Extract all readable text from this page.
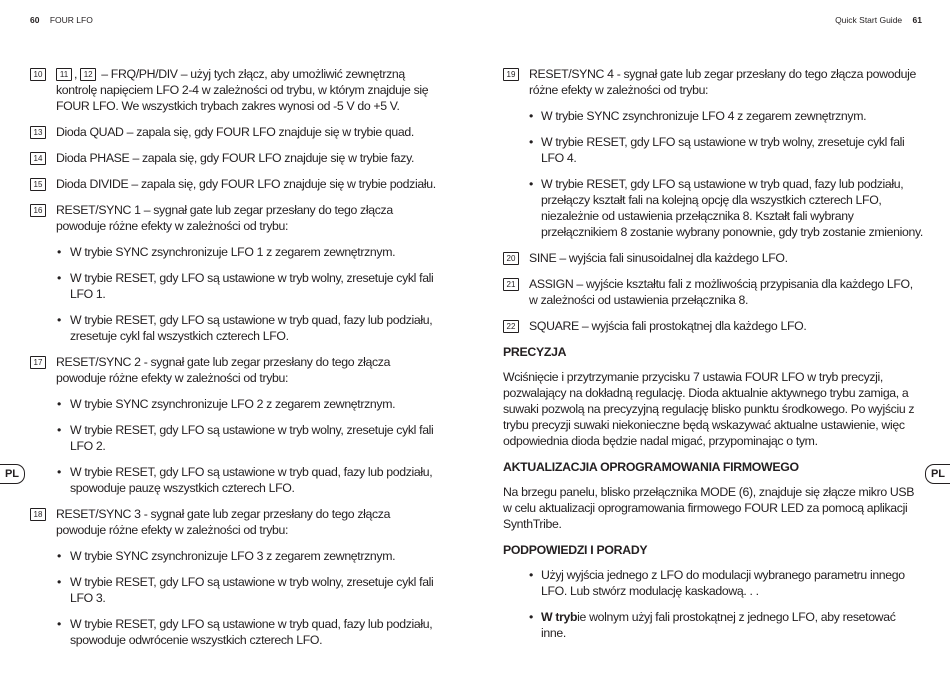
60 FOUR LFO
10	11 , 12 – FRQ/PH/DIV – użyj tych złącz, aby umożliwić zewnętrzną kontrolę napięciem LFO 2-4 w zależności od trybu, w którym znajduje się FOUR LFO. We wszystkich trybach zakres wynosi od -5 V do +5 V.
13 Dioda QUAD – zapala się, gdy FOUR LFO znajduje się w trybie quad.
14 Dioda PHASE – zapala się, gdy FOUR LFO znajduje się w trybie fazy.
15 Dioda DIVIDE – zapala się, gdy FOUR LFO znajduje się w trybie podziału.
16 RESET/SYNC 1 – sygnał gate lub zegar przesłany do tego złącza powoduje różne efekty w zależności od trybu:
• W trybie SYNC zsynchronizuje LFO 1 z zegarem zewnętrznym.
• W trybie RESET, gdy LFO są ustawione w tryb wolny, zresetuje cykl fali LFO 1.
• W trybie RESET, gdy LFO są ustawione w tryb quad, fazy lub podziału, zresetuje cykl fal wszystkich czterech LFO.
17 RESET/SYNC 2 - sygnał gate lub zegar przesłany do tego złącza powoduje różne efekty w zależności od trybu:
• W trybie SYNC zsynchronizuje LFO 2 z zegarem zewnętrznym.
• W trybie RESET, gdy LFO są ustawione w tryb wolny, zresetuje cykl fali LFO 2.
• W trybie RESET, gdy LFO są ustawione w tryb quad, fazy lub podziału, spowoduje pauzę wszystkich czterech LFO.
18 RESET/SYNC 3 - sygnał gate lub zegar przesłany do tego złącza powoduje różne efekty w zależności od trybu:
• W trybie SYNC zsynchronizuje LFO 3 z zegarem zewnętrznym.
• W trybie RESET, gdy LFO są ustawione w tryb wolny, zresetuje cykl fali LFO 3.
• W trybie RESET, gdy LFO są ustawione w tryb quad, fazy lub podziału, spowoduje odwrócenie wszystkich czterech LFO.
PL
Quick Start Guide 61
19 RESET/SYNC 4 - sygnał gate lub zegar przesłany do tego złącza powoduje różne efekty w zależności od trybu:
• W trybie SYNC zsynchronizuje LFO 4 z zegarem zewnętrznym.
• W trybie RESET, gdy LFO są ustawione w tryb wolny, zresetuje cykl fali LFO 4.
• W trybie RESET, gdy LFO są ustawione w tryb quad, fazy lub podziału, przełączy kształt fali na kolejną opcję dla wszystkich czterech LFO, niezależnie od ustawienia przełącznika 8. Kształt fali wybrany przełącznikiem 8 zostanie wybrany ponownie, gdy tryb zostanie zmieniony.
20 SINE – wyjścia fali sinusoidalnej dla każdego LFO.
21 ASSIGN – wyjście kształtu fali z możliwością przypisania dla każdego LFO, w zależności od ustawienia przełącznika 8.
22 SQUARE – wyjścia fali prostokątnej dla każdego LFO.
PRECYZJA

Wciśnięcie i przytrzymanie przycisku 7 ustawia FOUR LFO w tryb precyzji, pozwalający na dokładną regulację. Dioda aktualnie aktywnego trybu zamiga, a suwaki pozwolą na precyzyjną regulację blisko punktu środkowego. Po wyjściu z trybu precyzji suwaki niekonieczne będą wskazywać aktualne ustawienie, więc odpowiednia dioda będzie nadal migać, przypominając o tym.

AKTUALIZACJIA OPROGRAMOWANIA FIRMOWEGO

Na brzegu panelu, blisko przełącznika MODE (6), znajduje się złącze mikro USB w celu aktualizacji oprogramowania firmowego FOUR LED za pomocą aplikacji SynthTribe.

PODPOWIEDZI I PORADY
• Użyj wyjścia jednego z LFO do modulacji wybranego parametru innego LFO. Lub stwórz modulację kaskadową. . .
• W trybie wolnym użyj fali prostokątnej z jednego LFO, aby resetować inne.
PL
